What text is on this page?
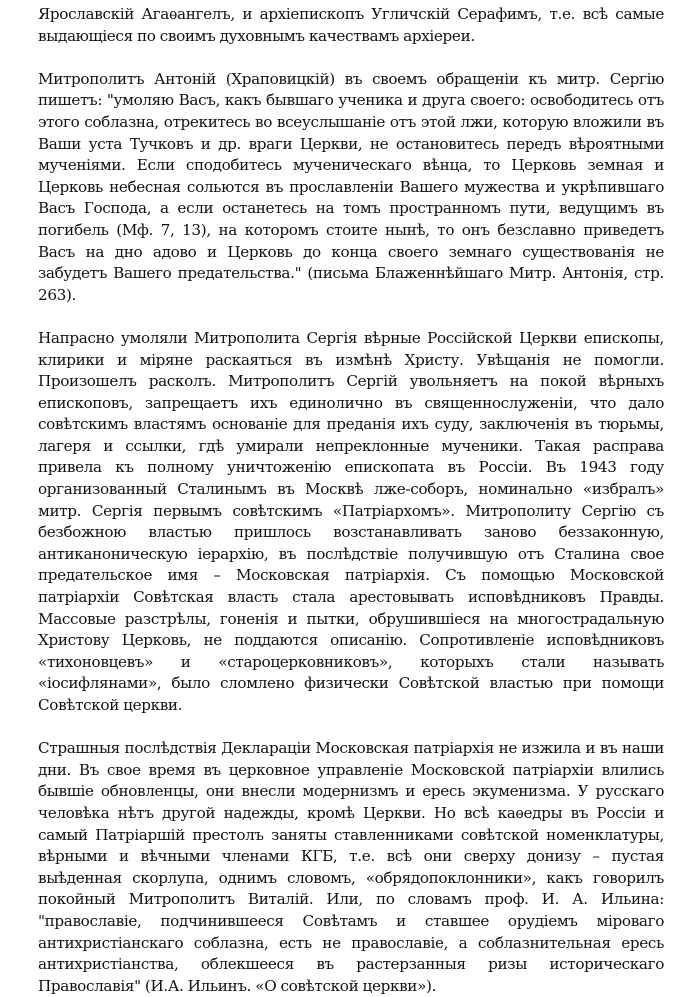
Ярославскій Агаѳангелъ, и архіепископъ Угличскій Серафимъ, т.е. всѣ самые выдающіеся по своимъ духовнымъ качествамъ архіереи.

Митрополитъ Антоній (Храповицкій) въ своемъ обращеніи къ митр. Сергію пишетъ: "умоляю Васъ, какъ бывшаго ученика и друга своего: освободитесь отъ этого соблазна, отрекитесь во всеуслышаніе отъ этой лжи, которую вложили въ Ваши уста Тучковъ и др. враги Церкви, не остановитесь передъ вѣроятными мученіями. Если сподобитесь мученическаго вѣнца, то Церковь земная и Церковь небесная сольются въ прославленіи Вашего мужества и укрѣпившаго Васъ Господа, а если останетесь на томъ пространномъ пути, ведущимъ въ погибель (Мф. 7, 13), на которомъ стоите нынѣ, то онъ безславно приведетъ Васъ на дно адово и Церковь до конца своего земнаго существованія не забудетъ Вашего предательства." (письма Блаженнѣйшаго Митр. Антонія, стр. 263).

Напрасно умоляли Митрополита Сергія вѣрные Россійской Церкви епископы, клирики и міряне раскаяться въ измѣнѣ Христу. Увѣщанія не помогли. Произошелъ расколъ. Митрополитъ Сергій увольняетъ на покой вѣрныхъ епископовъ, запрещаетъ ихъ единолично въ священнослуженіи, что дало совѣтскимъ властямъ основаніе для преданія ихъ суду, заключенія въ тюрьмы, лагеря и ссылки, гдѣ умирали непреклонные мученики. Такая расправа привела къ полному уничтоженію епископата въ Россіи. Въ 1943 году организованный Сталинымъ въ Москвѣ лже-соборъ, номинально «избралъ» митр. Сергія первымъ совѣтскимъ «Патріархомъ». Митрополиту Сергію съ безбожною властью пришлось возстанавливать заново беззаконную, антиканоническую іерархію, въ послѣдствіе получившую отъ Сталина свое предательское имя – Московская патріархія. Съ помощью Московской патріархіи Совѣтская власть стала арестовывать исповѣдниковъ Правды. Массовые разстрѣлы, гоненія и пытки, обрушившіеся на многострадальную Христову Церковь, не поддаются описанію. Сопротивленіе исповѣдниковъ «тихоновцевъ» и «староцерковниковъ», которыхъ стали называть «іосифлянами», было сломлено физически Совѣтской властью при помощи Совѣтской церкви.

Страшныя послѣдствія Деклараціи Московская патріархія не изжила и въ наши дни. Въ свое время въ церковное управленіе Московской патріархіи влились бывшіе обновленцы, они внесли модернизмъ и ересь экуменизма. У русскаго человѣка нѣтъ другой надежды, кромѣ Церкви. Но всѣ каѳедры въ Россіи и самый Патріаршій престолъ заняты ставленниками совѣтской номенклатуры, вѣрными и вѣчными членами КГБ, т.е. всѣ они сверху донизу – пустая выѣденная скорлупа, однимъ словомъ, «обрядопоклонники», какъ говорилъ покойный Митрополитъ Виталій. Или, по словамъ проф. И. А. Ильина: "православіе, подчинившееся Совѣтамъ и ставшее орудіемъ міроваго антихристіанскаго соблазна, есть не православіе, а соблазнительная ересь антихристіанства, облекшееся въ растерзанныя ризы историческаго Православія" (И.А. Ильинъ. «О совѣтской церкви»).
